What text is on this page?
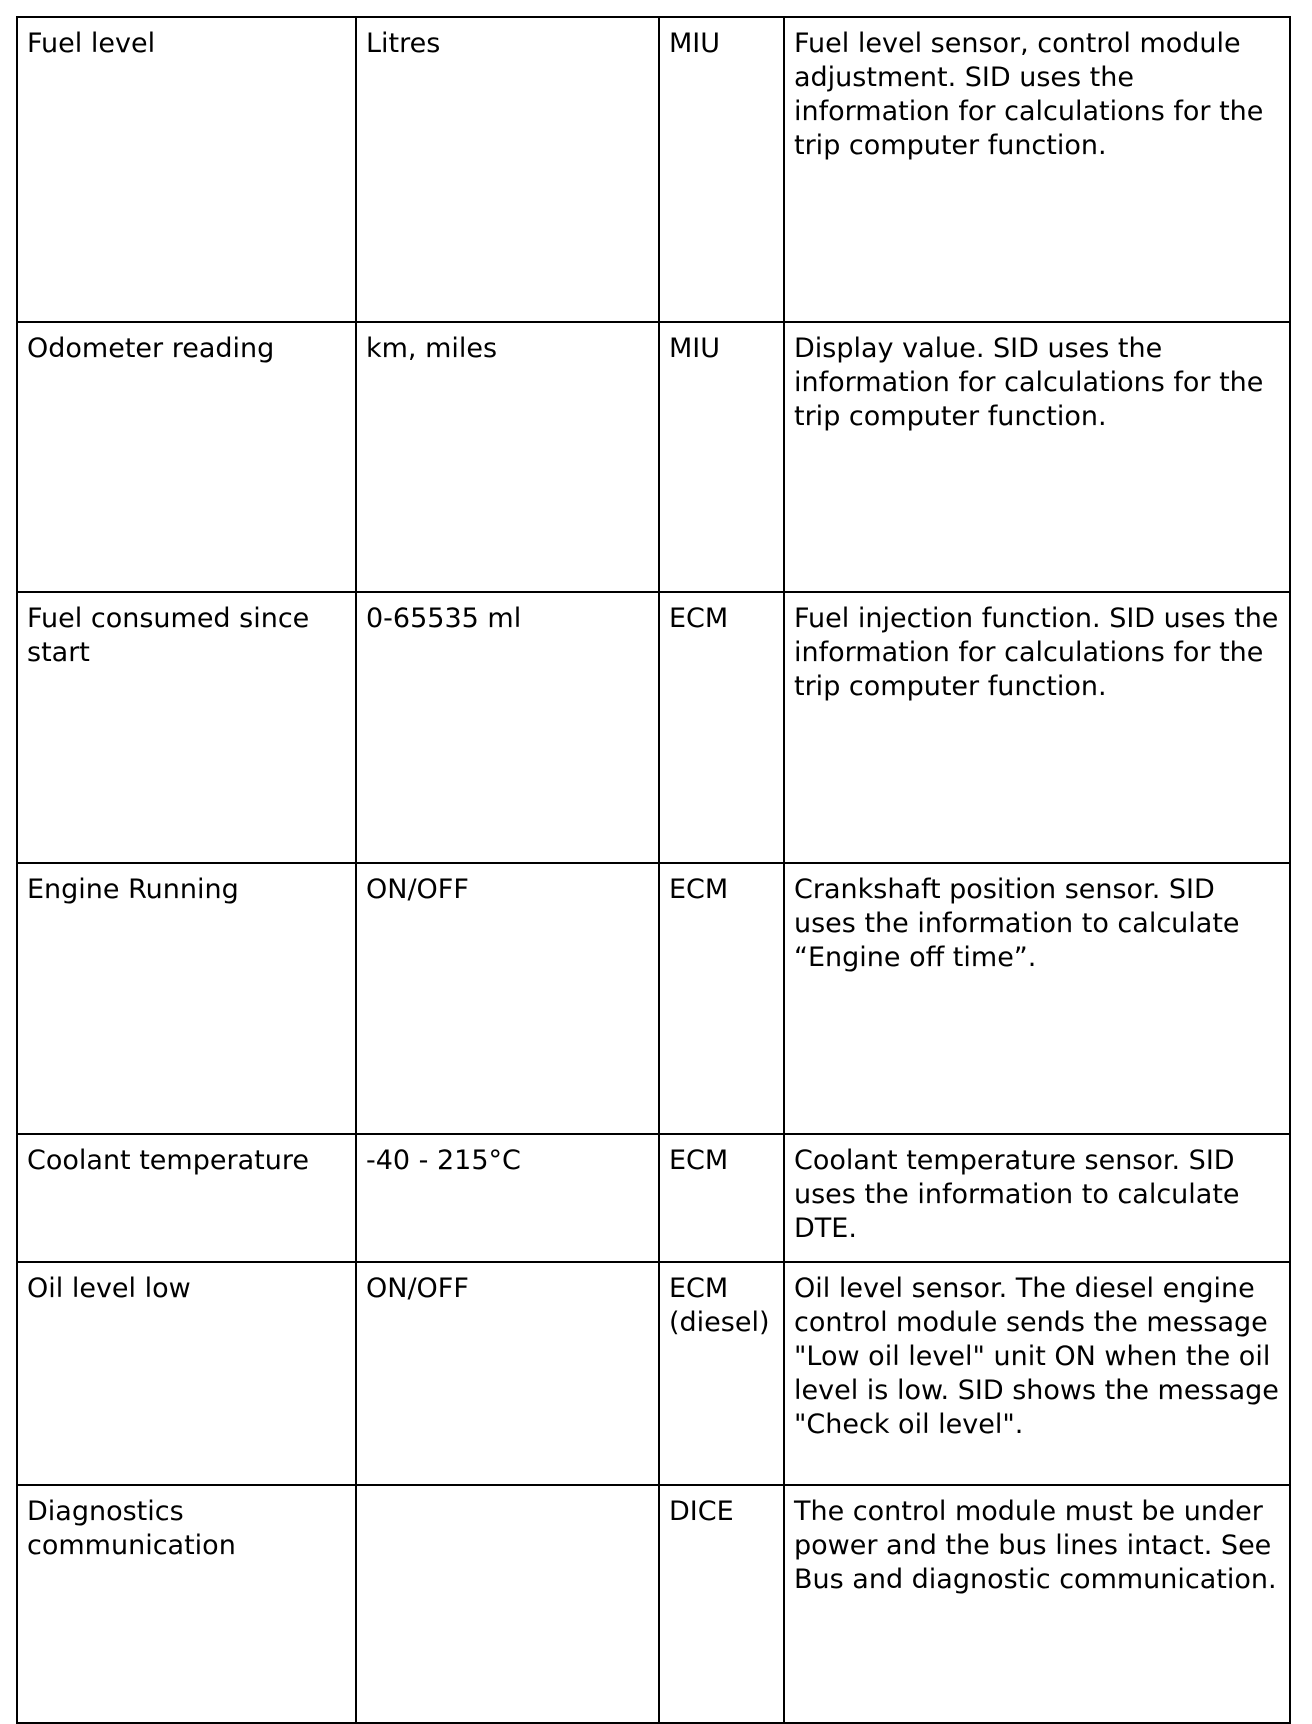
Fuel level	Litres	MIU	Fuel level sensor, control module adjustment. SID uses the information for calculations for the trip computer function.
Odometer reading	km, miles	MIU	Display value. SID uses the information for calculations for the trip computer function.
Fuel consumed since start	0-65535 ml	ECM	Fuel injection function. SID uses the information for calculations for the trip computer function.
Engine Running	ON/OFF	ECM	Crankshaft position sensor. SID uses the information to calculate “Engine off time”.
Coolant temperature	-40 - 215°C	ECM	Coolant temperature sensor. SID uses the information to calculate DTE.
Oil level low	ON/OFF	ECM (diesel)	Oil level sensor. The diesel engine control module sends the message "Low oil level" unit ON when the oil level is low. SID shows the message "Check oil level".
Diagnostics communication		DICE	The control module must be under power and the bus lines intact. See Bus and diagnostic communication.
